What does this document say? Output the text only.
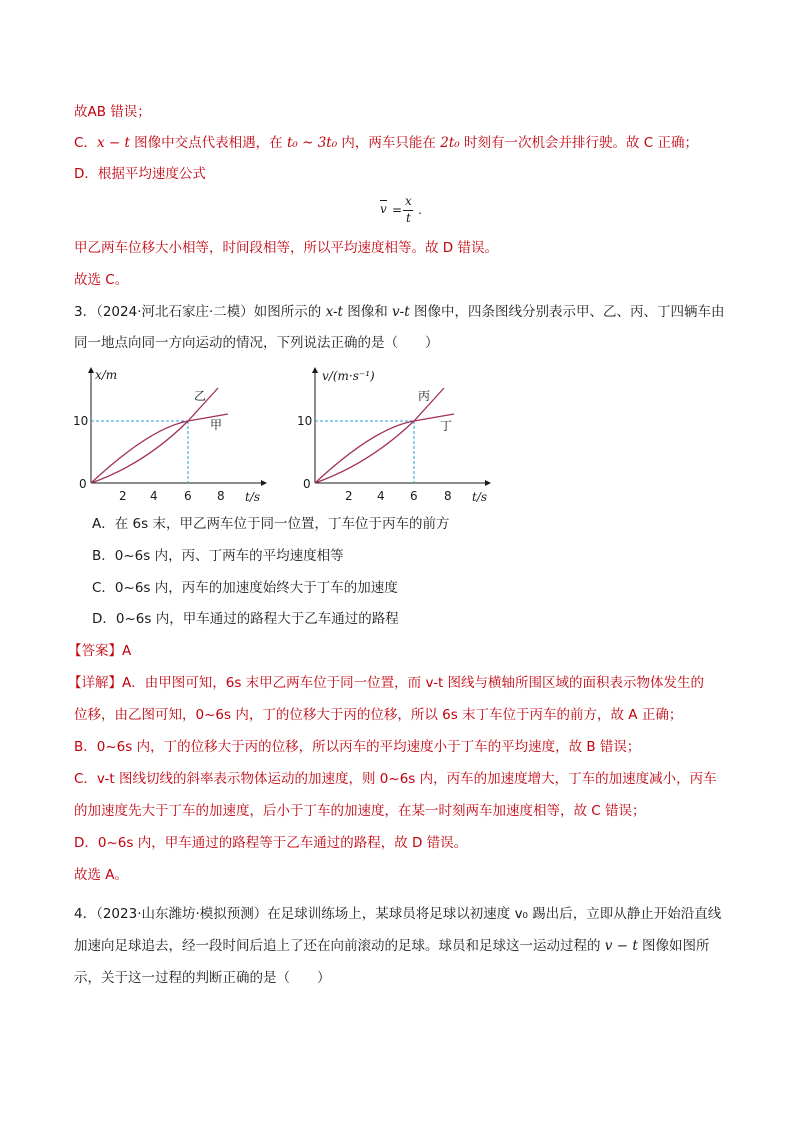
故AB 错误；
C．x − t 图像中交点代表相遇，在 t₀ ~ 3t₀ 内，两车只能在 2t₀ 时刻有一次机会并排行驶。故 C 正确；
D．根据平均速度公式
v =
x
t
.
甲乙两车位移大小相等，时间段相等，所以平均速度相等。故 D 错误。
故选 C。
3．（2024·河北石家庄·二模）如图所示的 x-t 图像和 v-t 图像中，四条图线分别表示甲、乙、丙、丁四辆车由
同一地点向同一方向运动的情况，下列说法正确的是（　　）
x/m
10
0
2 4 6 8 t/s
乙
甲
v/(m·s⁻¹)
10
0
2 4 6 8 t/s
丙
丁
A．在 6s 末，甲乙两车位于同一位置，丁车位于丙车的前方
B．0~6s 内，丙、丁两车的平均速度相等
C．0~6s 内，丙车的加速度始终大于丁车的加速度
D．0~6s 内，甲车通过的路程大于乙车通过的路程
【答案】A
【详解】A．由甲图可知，6s 末甲乙两车位于同一位置，而 v-t 图线与横轴所围区域的面积表示物体发生的
位移，由乙图可知，0~6s 内，丁的位移大于丙的位移，所以 6s 末丁车位于丙车的前方，故 A 正确；
B．0~6s 内，丁的位移大于丙的位移，所以丙车的平均速度小于丁车的平均速度，故 B 错误；
C．v-t 图线切线的斜率表示物体运动的加速度，则 0~6s 内，丙车的加速度增大，丁车的加速度减小，丙车
的加速度先大于丁车的加速度，后小于丁车的加速度，在某一时刻两车加速度相等，故 C 错误；
D．0~6s 内，甲车通过的路程等于乙车通过的路程，故 D 错误。
故选 A。
4．（2023·山东潍坊·模拟预测）在足球训练场上，某球员将足球以初速度 v₀ 踢出后，立即从静止开始沿直线
加速向足球追去，经一段时间后追上了还在向前滚动的足球。球员和足球这一运动过程的 v − t 图像如图所
示，关于这一过程的判断正确的是（　　）
